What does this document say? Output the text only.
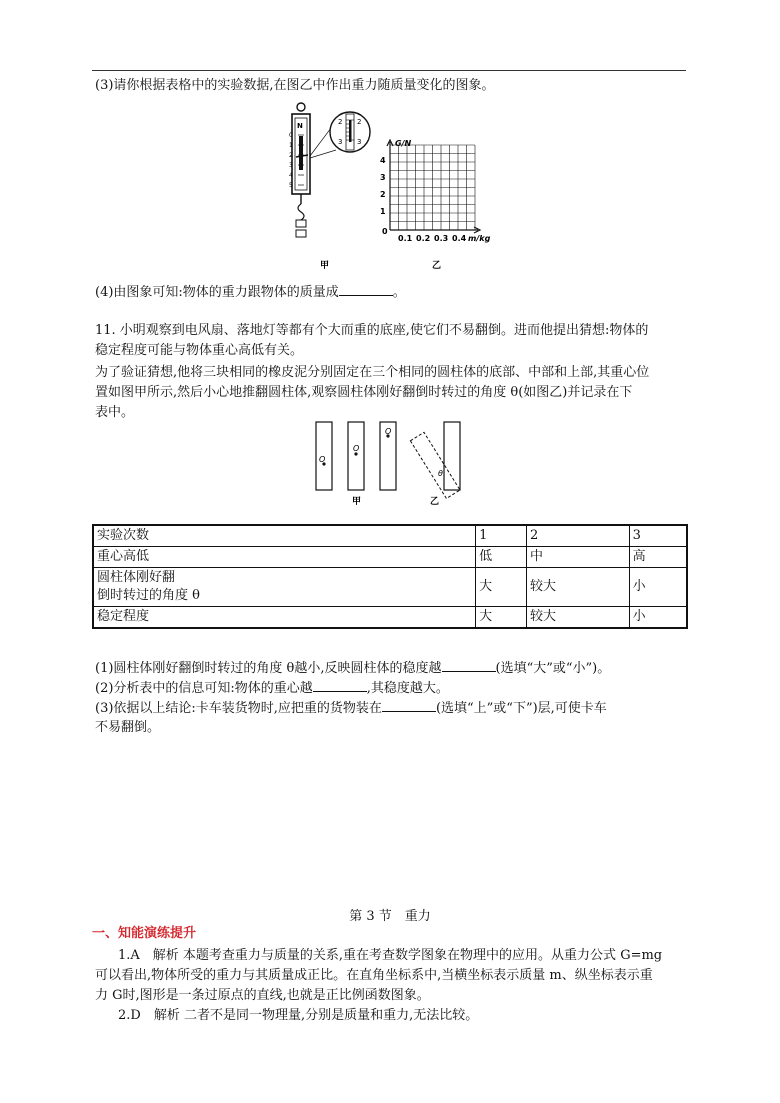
(3)请你根据表格中的实验数据,在图乙中作出重力随质量变化的图象。
N
0
1
2
3
4
5
2
3
2
3	G/N
4
3
2
1
0
0.1 0.2 0.3 0.4 m/kg
甲	乙
(4)由图象可知:物体的重力跟物体的质量成	。
11. 小明观察到电风扇、落地灯等都有个大而重的底座,使它们不易翻倒。进而他提出猜想:物体的
稳定程度可能与物体重心高低有关。
为了验证猜想,他将三块相同的橡皮泥分别固定在三个相同的圆柱体的底部、中部和上部,其重心位
置如图甲所示,然后小心地推翻圆柱体,观察圆柱体刚好翻倒时转过的角度 θ(如图乙)并记录在下
表中。
O
O
O
θ
甲	乙
实验次数	1	2	3
重心高低	低	中	高

圆柱体刚好翻
倒时转过的角度 θ	大	较大	小
稳定程度	大	较大	小
(1)圆柱体刚好翻倒时转过的角度 θ越小,反映圆柱体的稳度越	(选填“大”或“小”)。
(2)分析表中的信息可知:物体的重心越	,其稳度越大。
(3)依据以上结论:卡车装货物时,应把重的货物装在	(选填“上”或“下”)层,可使卡车
不易翻倒。
第 3 节　重力
一、知能演练提升
1.A　解析 本题考查重力与质量的关系,重在考查数学图象在物理中的应用。从重力公式 G=mg
可以看出,物体所受的重力与其质量成正比。在直角坐标系中,当横坐标表示质量 m、纵坐标表示重
力 G时,图形是一条过原点的直线,也就是正比例函数图象。
2.D　解析 二者不是同一物理量,分别是质量和重力,无法比较。
